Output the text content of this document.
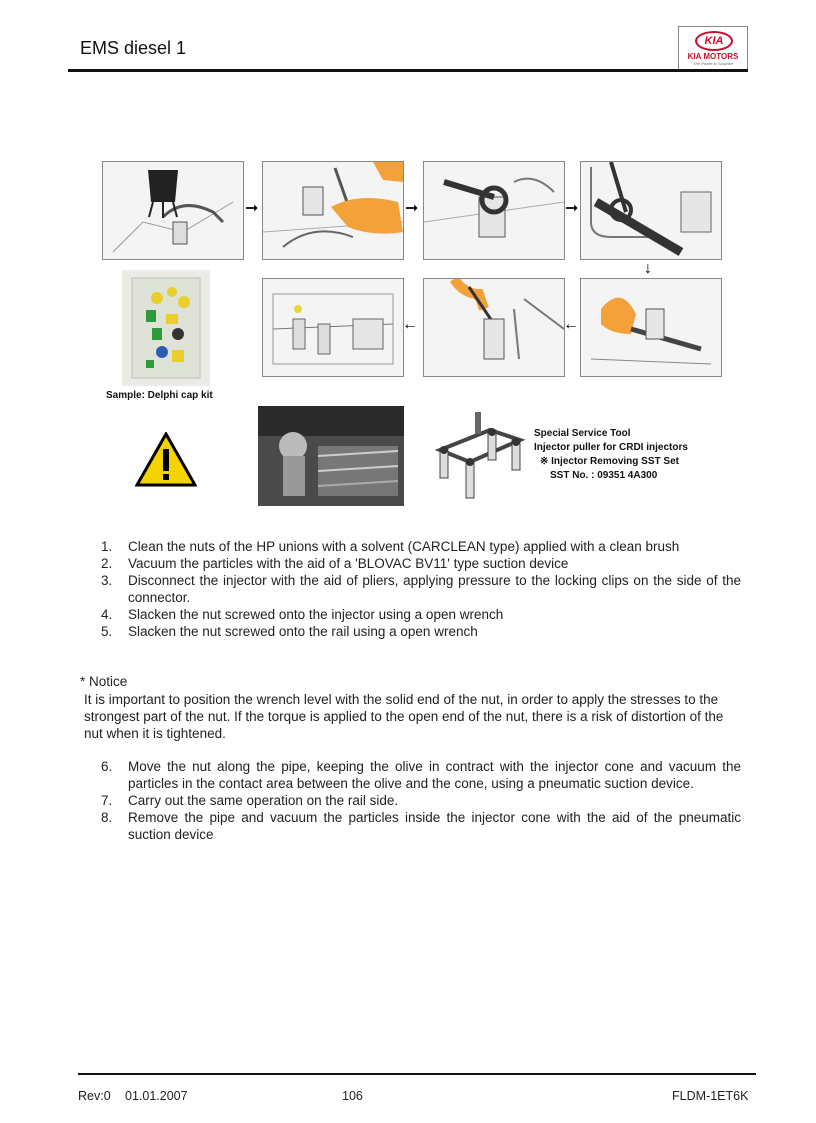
EMS diesel 1	KIA
KIA MOTORS
The Power to Surprise
➞	➞	➞
↓
←	←
Sample: Delphi cap kit
Special Service Tool
Injector puller for CRDI injectors
※ Injector Removing SST Set
SST No. : 09351 4A300
1.	Clean the nuts of the HP unions with a solvent (CARCLEAN type) applied with a clean brush
2.	Vacuum the particles with the aid of a 'BLOVAC BV11' type suction device
3.	Disconnect the injector with the aid of pliers, applying pressure to the locking clips on the side of the connector.
4.	Slacken the nut screwed onto the injector using a open wrench
5.	Slacken the nut screwed onto the rail using a open wrench
* Notice
It is important to position the wrench level with the solid end of the nut, in order to apply the stresses to the strongest part of the nut. If the torque is applied to the open end of the nut, there is a risk of distortion of the nut when it is tightened.
6.	Move the nut along the pipe, keeping the olive in contract with the injector cone and vacuum the particles in the contact area between the olive and the cone, using a pneumatic suction device.
7.	Carry out the same operation on the rail side.
8.	Remove the pipe and vacuum the particles inside the injector cone with the aid of the pneumatic suction device
Rev:0 01.01.2007	106	FLDM-1ET6K
